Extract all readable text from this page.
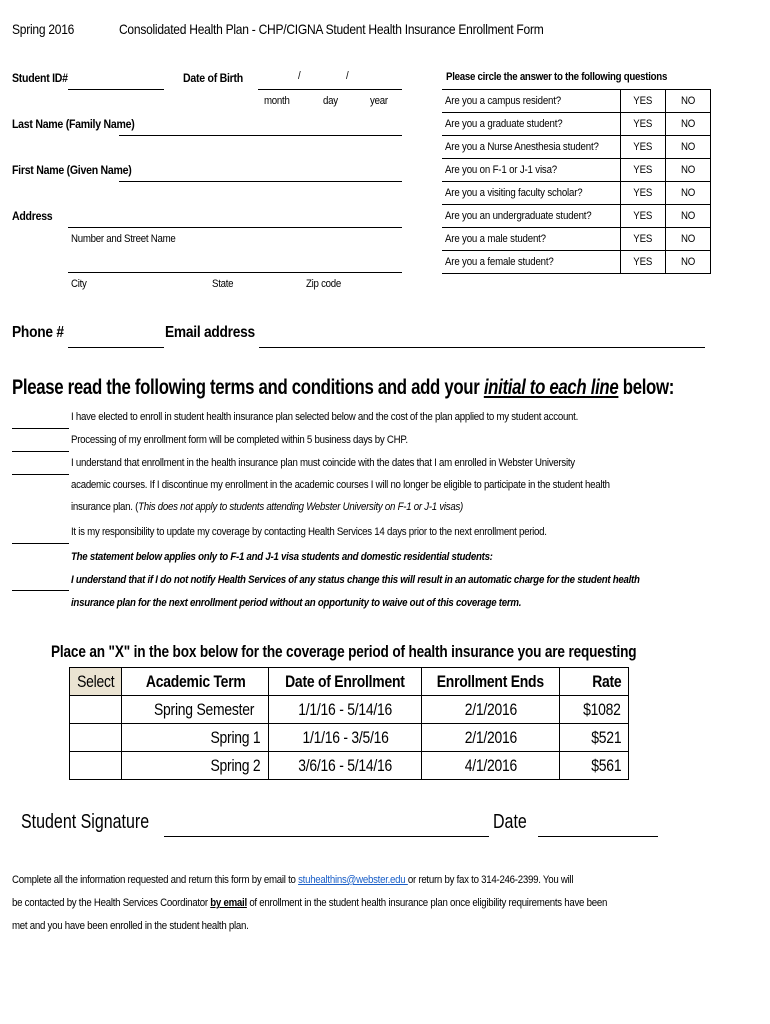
Spring 2016	Consolidated Health Plan - CHP/CIGNA Student Health Insurance Enrollment Form
Student ID#	Date of Birth	/	/
month	day	year
Last Name (Family Name)
First Name (Given Name)
Address
Number and Street Name
City	State	Zip code
Phone #	Email address
Please circle the answer to the following questions
Are you a campus resident?	YES	NO
Are you a graduate student?	YES	NO
Are you a Nurse Anesthesia student?	YES	NO
Are you on F-1 or J-1 visa?	YES	NO
Are you a visiting faculty scholar?	YES	NO
Are you an undergraduate student?	YES	NO
Are you a male student?	YES	NO
Are you a female student?	YES	NO
Please read the following terms and conditions and add your initial to each line below:
I have elected to enroll in student health insurance plan selected below and the cost of the plan applied to my student account.
Processing of my enrollment form will be completed within 5 business days by CHP.
I understand that enrollment in the health insurance plan must coincide with the dates that I am enrolled in Webster University
academic courses. If I discontinue my enrollment in the academic courses I will no longer be eligible to participate in the student health
insurance plan. (This does not apply to students attending Webster University on F-1 or J-1 visas)
It is my responsibility to update my coverage by contacting Health Services 14 days prior to the next enrollment period.
The statement below applies only to F-1 and J-1 visa students and domestic residential students:
I understand that if I do not notify Health Services of any status change this will result in an automatic charge for the student health
insurance plan for the next enrollment period without an opportunity to waive out of this coverage term.
Place an "X" in the box below for the coverage period of health insurance you are requesting
Select	Academic Term	Date of Enrollment	Enrollment Ends	Rate
	Spring Semester	1/1/16 - 5/14/16	2/1/2016	$1082
	Spring 1	1/1/16 - 3/5/16	2/1/2016	$521
	Spring 2	3/6/16 - 5/14/16	4/1/2016	$561
Student Signature	Date
Complete all the information requested and return this form by email to stuhealthins@webster.edu or return by fax to 314-246-2399. You will
be contacted by the Health Services Coordinator by email of enrollment in the student health insurance plan once eligibility requirements have been
met and you have been enrolled in the student health plan.
